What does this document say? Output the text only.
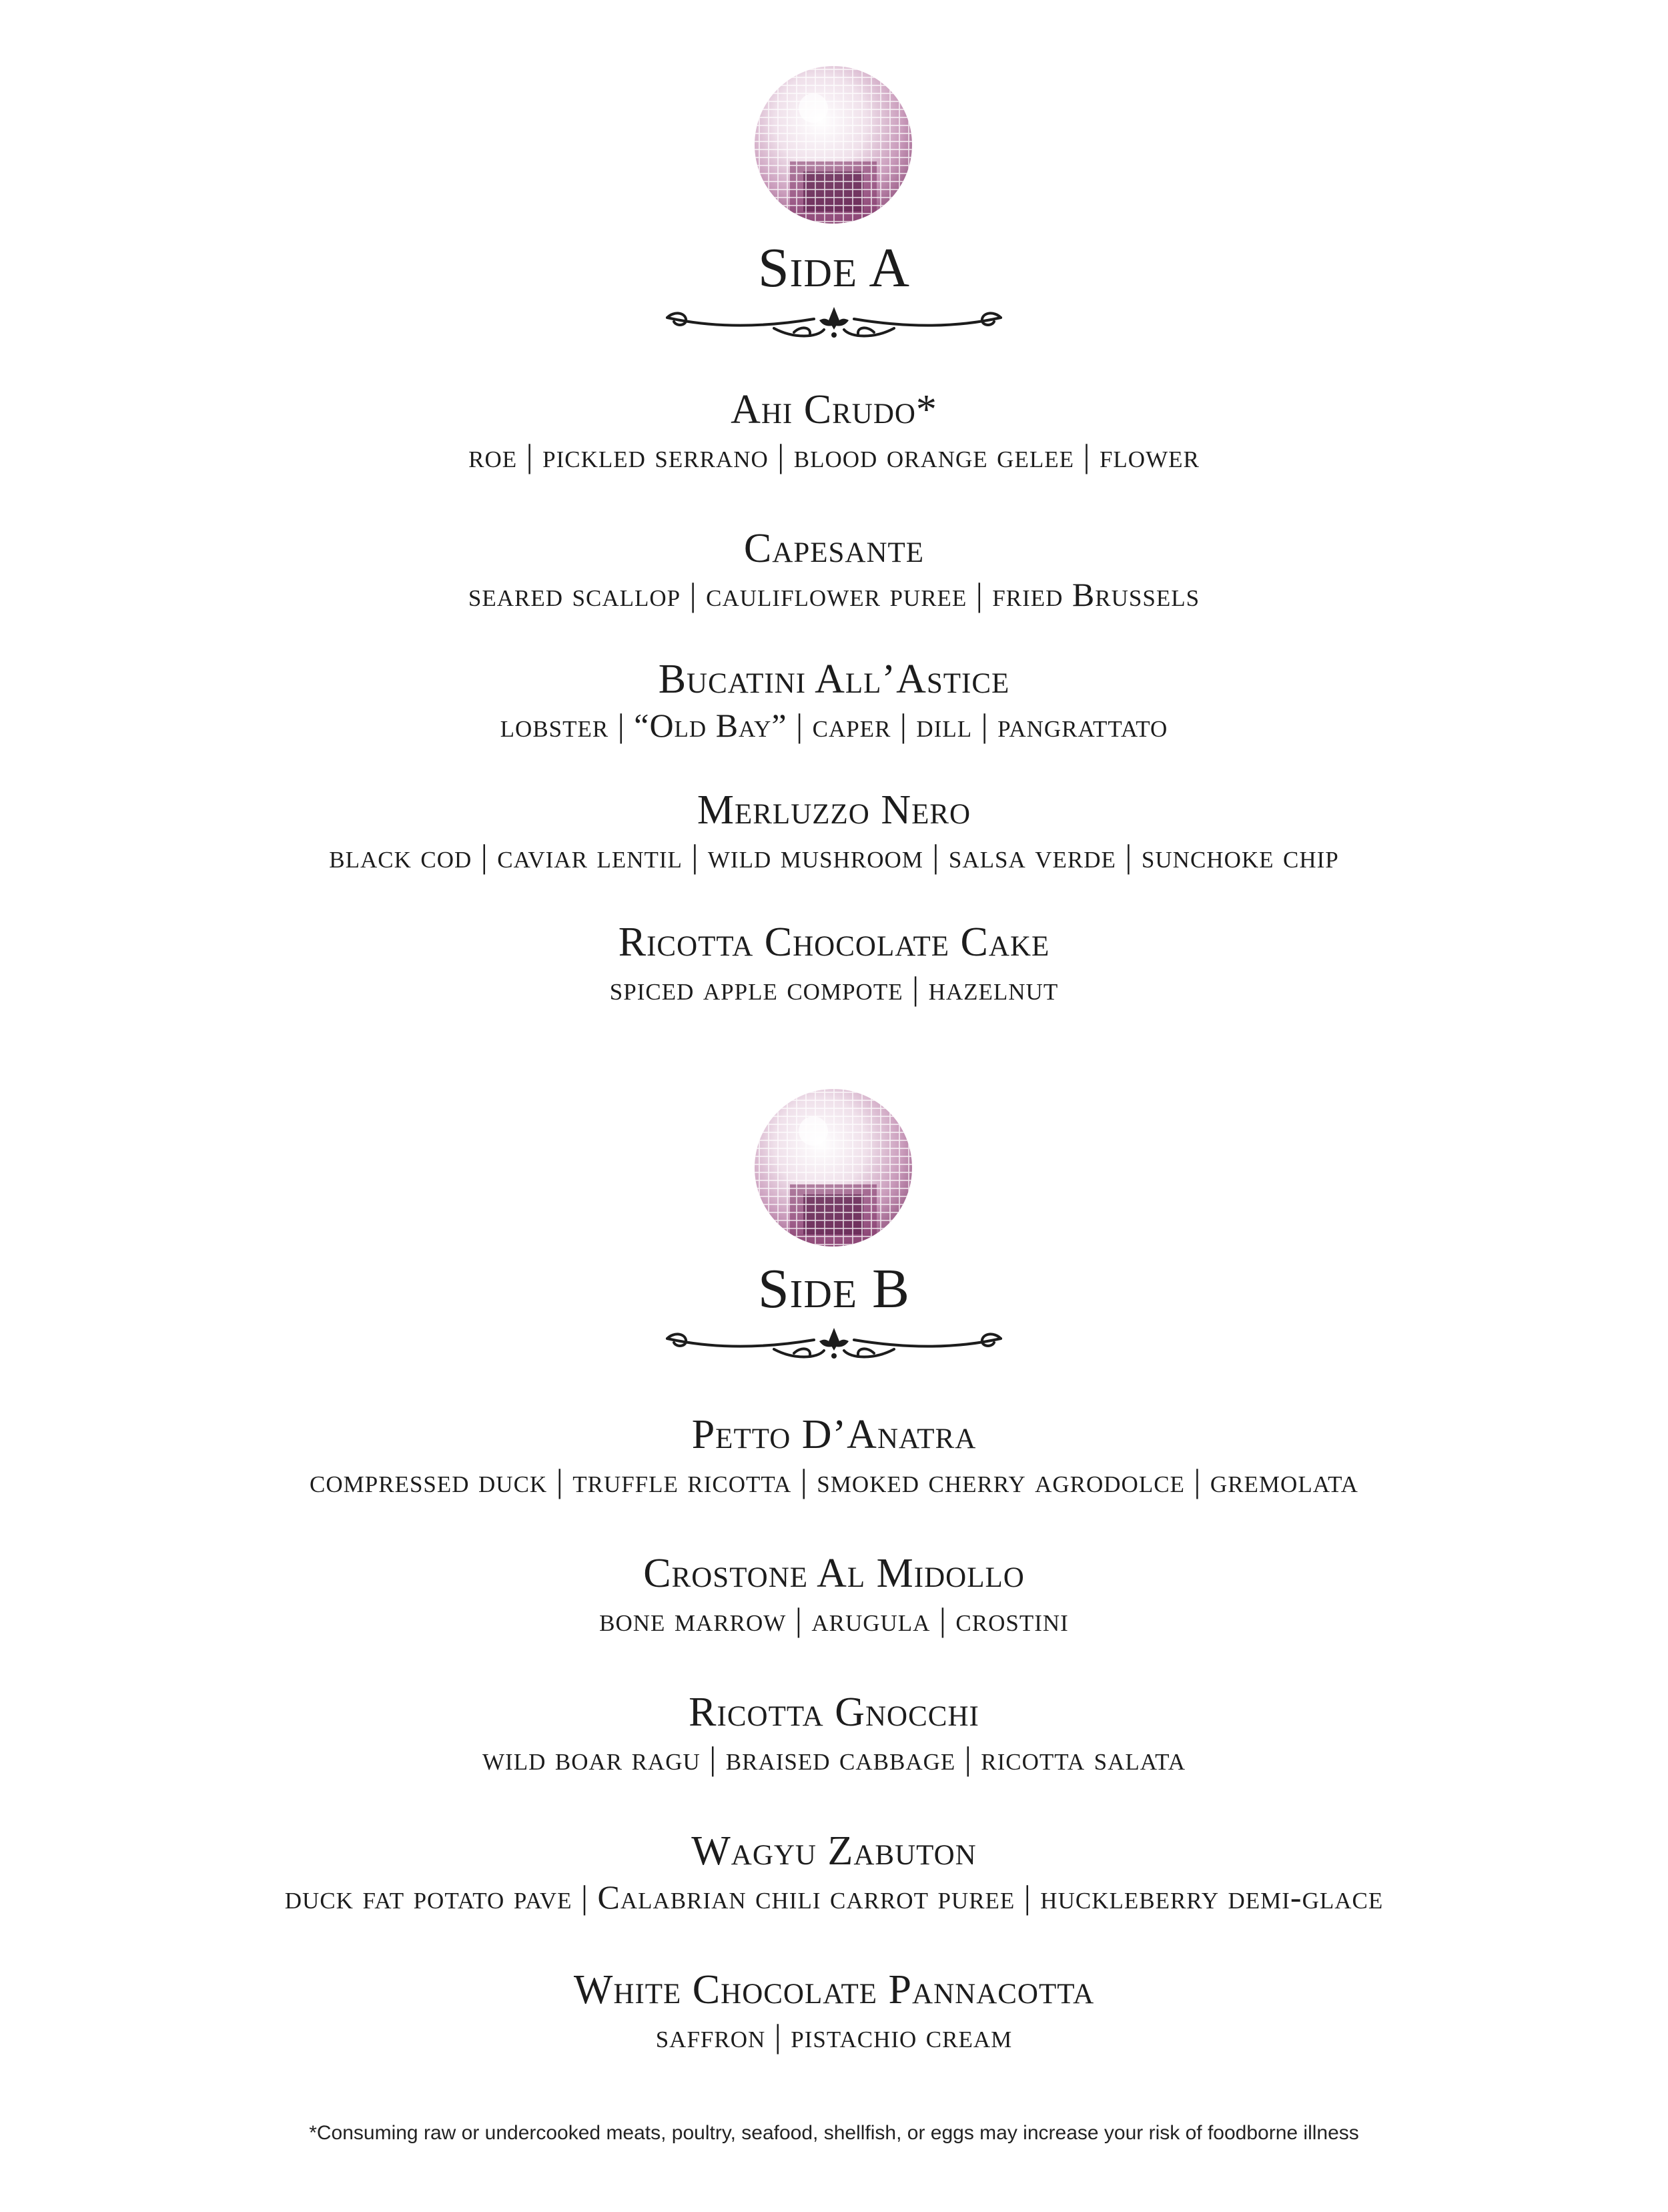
Side A
Ahi Crudo*
roe | pickled serrano | blood orange gelee | flower
Capesante
seared scallop | cauliflower puree | fried Brussels
Bucatini All’Astice
lobster | “Old Bay” | caper | dill | pangrattato
Merluzzo Nero
black cod | caviar lentil | wild mushroom | salsa verde | sunchoke chip
Ricotta Chocolate Cake
spiced apple compote | hazelnut
Side B
Petto D’Anatra
compressed duck | truffle ricotta | smoked cherry agrodolce | gremolata
Crostone Al Midollo
bone marrow | arugula | crostini
Ricotta Gnocchi
wild boar ragu | braised cabbage | ricotta salata
Wagyu Zabuton
duck fat potato pave | Calabrian chili carrot puree | huckleberry demi-glace
White Chocolate Pannacotta
saffron | pistachio cream
*Consuming raw or undercooked meats, poultry, seafood, shellfish, or eggs may increase your risk of foodborne illness
